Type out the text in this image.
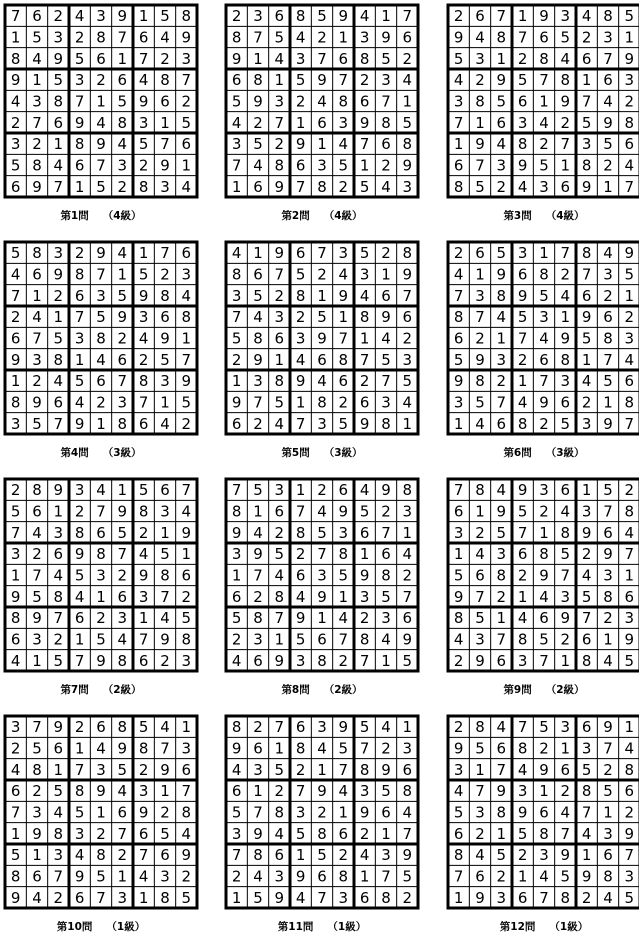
7 6 2 4 3 9 1 5 8
1 5 3 2 8 7 6 4 9
8 4 9 5 6 1 7 2 3
9 1 5 3 2 6 4 8 7
4 3 8 7 1 5 9 6 2
2 7 6 9 4 8 3 1 5
3 2 1 8 9 4 5 7 6
5 8 4 6 7 3 2 9 1
6 9 7 1 5 2 8 3 4
第1問 （4級）
2 3 6 8 5 9 4 1 7
8 7 5 4 2 1 3 9 6
9 1 4 3 7 6 8 5 2
6 8 1 5 9 7 2 3 4
5 9 3 2 4 8 6 7 1
4 2 7 1 6 3 9 8 5
3 5 2 9 1 4 7 6 8
7 4 8 6 3 5 1 2 9
1 6 9 7 8 2 5 4 3
第2問 （4級）
2 6 7 1 9 3 4 8 5
9 4 8 7 6 5 2 3 1
5 3 1 2 8 4 6 7 9
4 2 9 5 7 8 1 6 3
3 8 5 6 1 9 7 4 2
7 1 6 3 4 2 5 9 8
1 9 4 8 2 7 3 5 6
6 7 3 9 5 1 8 2 4
8 5 2 4 3 6 9 1 7
第3問 （4級）
5 8 3 2 9 4 1 7 6
4 6 9 8 7 1 5 2 3
7 1 2 6 3 5 9 8 4
2 4 1 7 5 9 3 6 8
6 7 5 3 8 2 4 9 1
9 3 8 1 4 6 2 5 7
1 2 4 5 6 7 8 3 9
8 9 6 4 2 3 7 1 5
3 5 7 9 1 8 6 4 2
第4問 （3級）
4 1 9 6 7 3 5 2 8
8 6 7 5 2 4 3 1 9
3 5 2 8 1 9 4 6 7
7 4 3 2 5 1 8 9 6
5 8 6 3 9 7 1 4 2
2 9 1 4 6 8 7 5 3
1 3 8 9 4 6 2 7 5
9 7 5 1 8 2 6 3 4
6 2 4 7 3 5 9 8 1
第5問 （3級）
2 6 5 3 1 7 8 4 9
4 1 9 6 8 2 7 3 5
7 3 8 9 5 4 6 2 1
8 7 4 5 3 1 9 6 2
6 2 1 7 4 9 5 8 3
5 9 3 2 6 8 1 7 4
9 8 2 1 7 3 4 5 6
3 5 7 4 9 6 2 1 8
1 4 6 8 2 5 3 9 7
第6問 （3級）
2 8 9 3 4 1 5 6 7
5 6 1 2 7 9 8 3 4
7 4 3 8 6 5 2 1 9
3 2 6 9 8 7 4 5 1
1 7 4 5 3 2 9 8 6
9 5 8 4 1 6 3 7 2
8 9 7 6 2 3 1 4 5
6 3 2 1 5 4 7 9 8
4 1 5 7 9 8 6 2 3
第7問 （2級）
7 5 3 1 2 6 4 9 8
8 1 6 7 4 9 5 2 3
9 4 2 8 5 3 6 7 1
3 9 5 2 7 8 1 6 4
1 7 4 6 3 5 9 8 2
6 2 8 4 9 1 3 5 7
5 8 7 9 1 4 2 3 6
2 3 1 5 6 7 8 4 9
4 6 9 3 8 2 7 1 5
第8問 （2級）
7 8 4 9 3 6 1 5 2
6 1 9 5 2 4 3 7 8
3 2 5 7 1 8 9 6 4
1 4 3 6 8 5 2 9 7
5 6 8 2 9 7 4 3 1
9 7 2 1 4 3 5 8 6
8 5 1 4 6 9 7 2 3
4 3 7 8 5 2 6 1 9
2 9 6 3 7 1 8 4 5
第9問 （2級）
3 7 9 2 6 8 5 4 1
2 5 6 1 4 9 8 7 3
4 8 1 7 3 5 2 9 6
6 2 5 8 9 4 3 1 7
7 3 4 5 1 6 9 2 8
1 9 8 3 2 7 6 5 4
5 1 3 4 8 2 7 6 9
8 6 7 9 5 1 4 3 2
9 4 2 6 7 3 1 8 5
第10問 （1級）
8 2 7 6 3 9 5 4 1
9 6 1 8 4 5 7 2 3
4 3 5 2 1 7 8 9 6
6 1 2 7 9 4 3 5 8
5 7 8 3 2 1 9 6 4
3 9 4 5 8 6 2 1 7
7 8 6 1 5 2 4 3 9
2 4 3 9 6 8 1 7 5
1 5 9 4 7 3 6 8 2
第11問 （1級）
2 8 4 7 5 3 6 9 1
9 5 6 8 2 1 3 7 4
3 1 7 4 9 6 5 2 8
4 7 9 3 1 2 8 5 6
5 3 8 9 6 4 7 1 2
6 2 1 5 8 7 4 3 9
8 4 5 2 3 9 1 6 7
7 6 2 1 4 5 9 8 3
1 9 3 6 7 8 2 4 5
第12問 （1級）
